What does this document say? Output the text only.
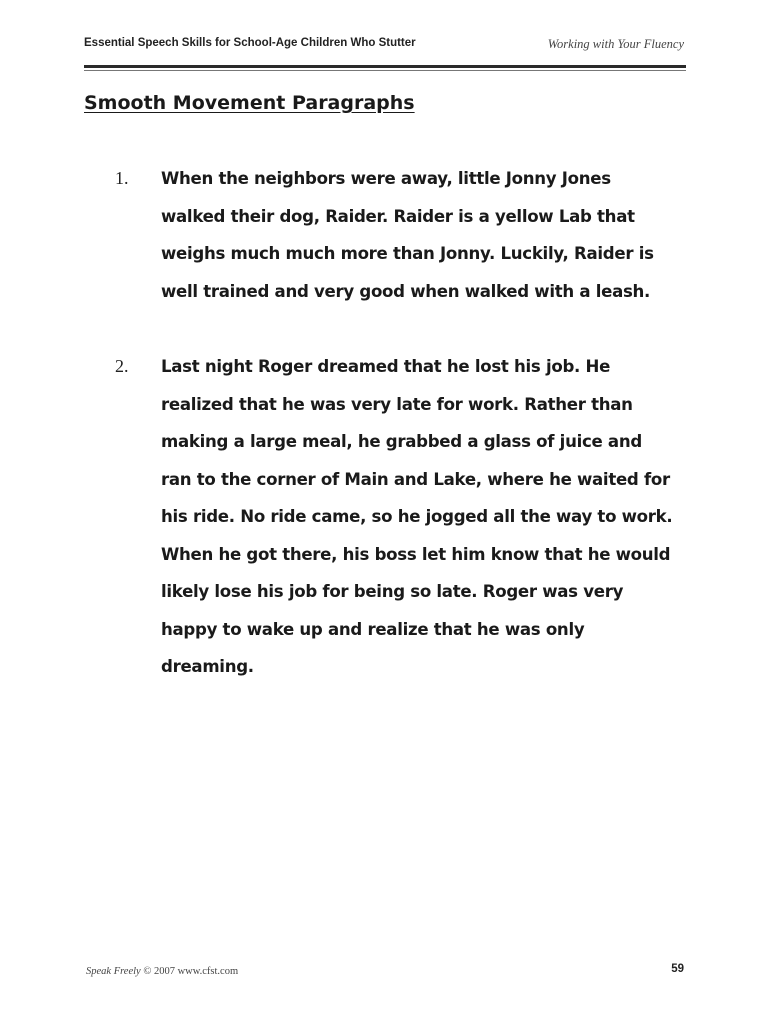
Essential Speech Skills for School-Age Children Who Stutter	Working with Your Fluency
Smooth Movement Paragraphs
1.	When the neighbors were away, little Jonny Jones walked their dog, Raider. Raider is a yellow Lab that weighs much much more than Jonny. Luckily, Raider is well trained and very good when walked with a leash.

2.	Last night Roger dreamed that he lost his job. He realized that he was very late for work. Rather than making a large meal, he grabbed a glass of juice and ran to the corner of Main and Lake, where he waited for his ride. No ride came, so he jogged all the way to work. When he got there, his boss let him know that he would likely lose his job for being so late. Roger was very happy to wake up and realize that he was only dreaming.

Speak Freely © 2007 www.cfst.com	59
